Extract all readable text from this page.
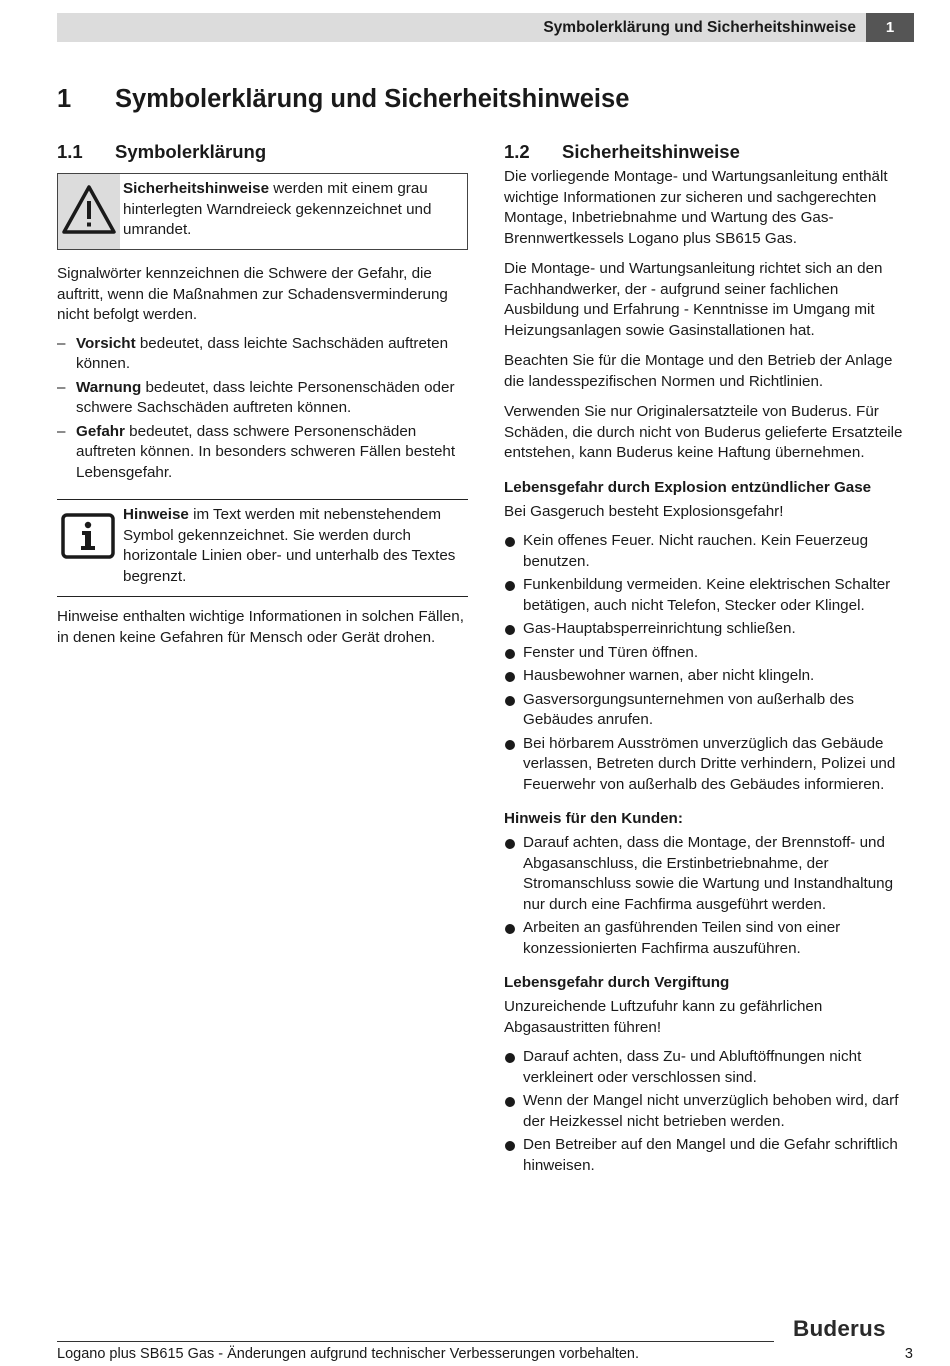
Symbolerklärung und Sicherheitshinweise	1
1 Symbolerklärung und Sicherheitshinweise
1.1 Symbolerklärung
Sicherheitshinweise werden mit einem grau hinterlegten Warndreieck gekennzeichnet und umrandet.

Signalwörter kennzeichnen die Schwere der Gefahr, die auftritt, wenn die Maßnahmen zur Schadensverminderung nicht befolgt werden.

– Vorsicht bedeutet, dass leichte Sachschäden auftreten können.
– Warnung bedeutet, dass leichte Personenschäden oder schwere Sachschäden auftreten können.
– Gefahr bedeutet, dass schwere Personenschäden auftreten können. In besonders schweren Fällen besteht Lebensgefahr.
Hinweise im Text werden mit nebenstehendem Symbol gekennzeichnet. Sie werden durch horizontale Linien ober- und unterhalb des Textes begrenzt.

Hinweise enthalten wichtige Informationen in solchen Fällen, in denen keine Gefahren für Mensch oder Gerät drohen.

1.2 Sicherheitshinweise

Die vorliegende Montage- und Wartungsanleitung enthält wichtige Informationen zur sicheren und sachgerechten Montage, Inbetriebnahme und Wartung des Gas-Brennwertkessels Logano plus SB615 Gas.

Die Montage- und Wartungsanleitung richtet sich an den Fachhandwerker, der - aufgrund seiner fachlichen Ausbildung und Erfahrung - Kenntnisse im Umgang mit Heizungsanlagen sowie Gasinstallationen hat.

Beachten Sie für die Montage und den Betrieb der Anlage die landesspezifischen Normen und Richtlinien.

Verwenden Sie nur Originalersatzteile von Buderus. Für Schäden, die durch nicht von Buderus gelieferte Ersatzteile entstehen, kann Buderus keine Haftung übernehmen.

Lebensgefahr durch Explosion entzündlicher Gase

Bei Gasgeruch besteht Explosionsgefahr!

Kein offenes Feuer. Nicht rauchen. Kein Feuerzeug benutzen.
Funkenbildung vermeiden. Keine elektrischen Schalter betätigen, auch nicht Telefon, Stecker oder Klingel.
Gas-Hauptabsperreinrichtung schließen.
Fenster und Türen öffnen.
Hausbewohner warnen, aber nicht klingeln.
Gasversorgungsunternehmen von außerhalb des Gebäudes anrufen.
Bei hörbarem Ausströmen unverzüglich das Gebäude verlassen, Betreten durch Dritte verhindern, Polizei und Feuerwehr von außerhalb des Gebäudes informieren.
Hinweis für den Kunden:
Darauf achten, dass die Montage, der Brennstoff- und Abgasanschluss, die Erstinbetriebnahme, der Stromanschluss sowie die Wartung und Instandhaltung nur durch eine Fachfirma ausgeführt werden.
Arbeiten an gasführenden Teilen sind von einer konzessionierten Fachfirma auszuführen.
Lebensgefahr durch Vergiftung

Unzureichende Luftzufuhr kann zu gefährlichen Abgasaustritten führen!

Darauf achten, dass Zu- und Abluftöffnungen nicht verkleinert oder verschlossen sind.
Wenn der Mangel nicht unverzüglich behoben wird, darf der Heizkessel nicht betrieben werden.
Den Betreiber auf den Mangel und die Gefahr schriftlich hinweisen.
Buderus
Logano plus SB615 Gas - Änderungen aufgrund technischer Verbesserungen vorbehalten.	3
